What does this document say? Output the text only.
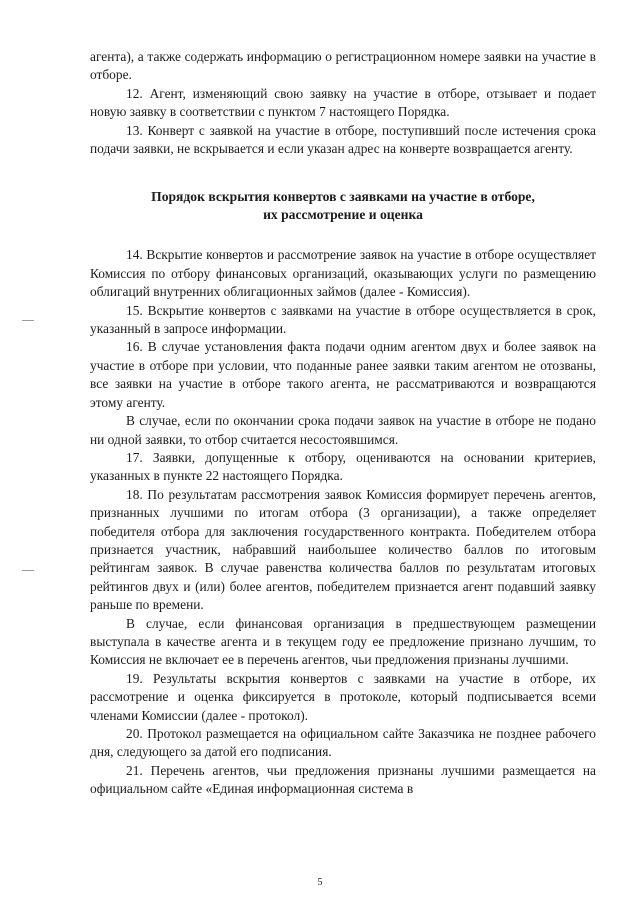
агента), а также содержать информацию о регистрационном номере заявки на участие в отборе.

12. Агент, изменяющий свою заявку на участие в отборе, отзывает и подает новую заявку в соответствии с пунктом 7 настоящего Порядка.

13. Конверт с заявкой на участие в отборе, поступивший после истечения срока подачи заявки, не вскрывается и если указан адрес на конверте возвращается агенту.

Порядок вскрытия конвертов с заявками на участие в отборе,
их рассмотрение и оценка

14. Вскрытие конвертов и рассмотрение заявок на участие в отборе осуществляет Комиссия по отбору финансовых организаций, оказывающих услуги по размещению облигаций внутренних облигационных займов (далее - Комиссия).

15. Вскрытие конвертов с заявками на участие в отборе осуществляется в срок, указанный в запросе информации.

16. В случае установления факта подачи одним агентом двух и более заявок на участие в отборе при условии, что поданные ранее заявки таким агентом не отозваны, все заявки на участие в отборе такого агента, не рассматриваются и возвращаются этому агенту.

В случае, если по окончании срока подачи заявок на участие в отборе не подано ни одной заявки, то отбор считается несостоявшимся.

17. Заявки, допущенные к отбору, оцениваются на основании критериев, указанных в пункте 22 настоящего Порядка.

18. По результатам рассмотрения заявок Комиссия формирует перечень агентов, признанных лучшими по итогам отбора (3 организации), а также определяет победителя отбора для заключения государственного контракта. Победителем отбора признается участник, набравший наибольшее количество баллов по итоговым рейтингам заявок. В случае равенства количества баллов по результатам итоговых рейтингов двух и (или) более агентов, победителем признается агент подавший заявку раньше по времени.

В случае, если финансовая организация в предшествующем размещении выступала в качестве агента и в текущем году ее предложение признано лучшим, то Комиссия не включает ее в перечень агентов, чьи предложения признаны лучшими.

19. Результаты вскрытия конвертов с заявками на участие в отборе, их рассмотрение и оценка фиксируется в протоколе, который подписывается всеми членами Комиссии (далее - протокол).

20. Протокол размещается на официальном сайте Заказчика не позднее рабочего дня, следующего за датой его подписания.

21. Перечень агентов, чьи предложения признаны лучшими размещается на официальном сайте «Единая информационная система в

5
